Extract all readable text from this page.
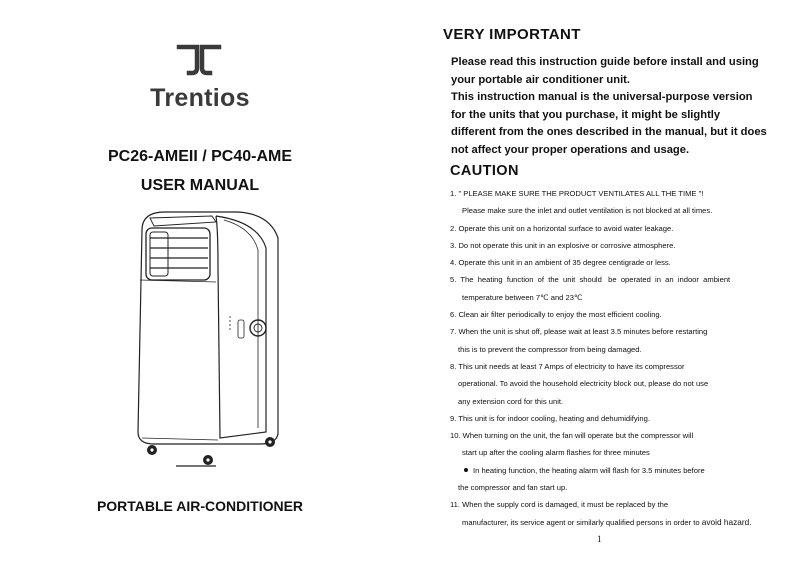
Trentios
PC26-AMEII / PC40-AME
USER MANUAL
PORTABLE AIR-CONDITIONER
VERY IMPORTANT
Please read this instruction guide before install and using
your portable air conditioner unit.
This instruction manual is the universal-purpose version
for the units that you purchase, it might be slightly
different from the ones described in the manual, but it does
not affect your proper operations and usage.
CAUTION
1. " PLEASE MAKE SURE THE PRODUCT VENTILATES ALL THE TIME "!
Please make sure the inlet and outlet ventilation is not blocked at all times.
2. Operate this unit on a horizontal surface to avoid water leakage.
3. Do not operate this unit in an explosive or corrosive atmosphere.
4. Operate this unit in an ambient of 35 degree centigrade or less.
5.  The  heating  function  of  the  unit  should   be  operated  in  an  indoor  ambient
temperature between 7℃ and 23℃
6. Clean air filter periodically to enjoy the most efficient cooling.
7. When the unit is shut off, please wait at least 3.5 minutes before restarting
this is to prevent the compressor from being damaged.
8. This unit needs at least 7 Amps of electricity to have its compressor
operational. To avoid the household electricity block out, please do not use
any extension cord for this unit.
9. This unit is for indoor cooling, heating and dehumidifying.
10. When turning on the unit, the fan will operate but the compressor will
start up after the cooling alarm flashes for three minutes
In heating function, the heating alarm will flash for 3.5 minutes before
the compressor and fan start up.
11. When the supply cord is damaged, it must be replaced by the
manufacturer, its service agent or similarly qualified persons in order to avoid hazard.
1
